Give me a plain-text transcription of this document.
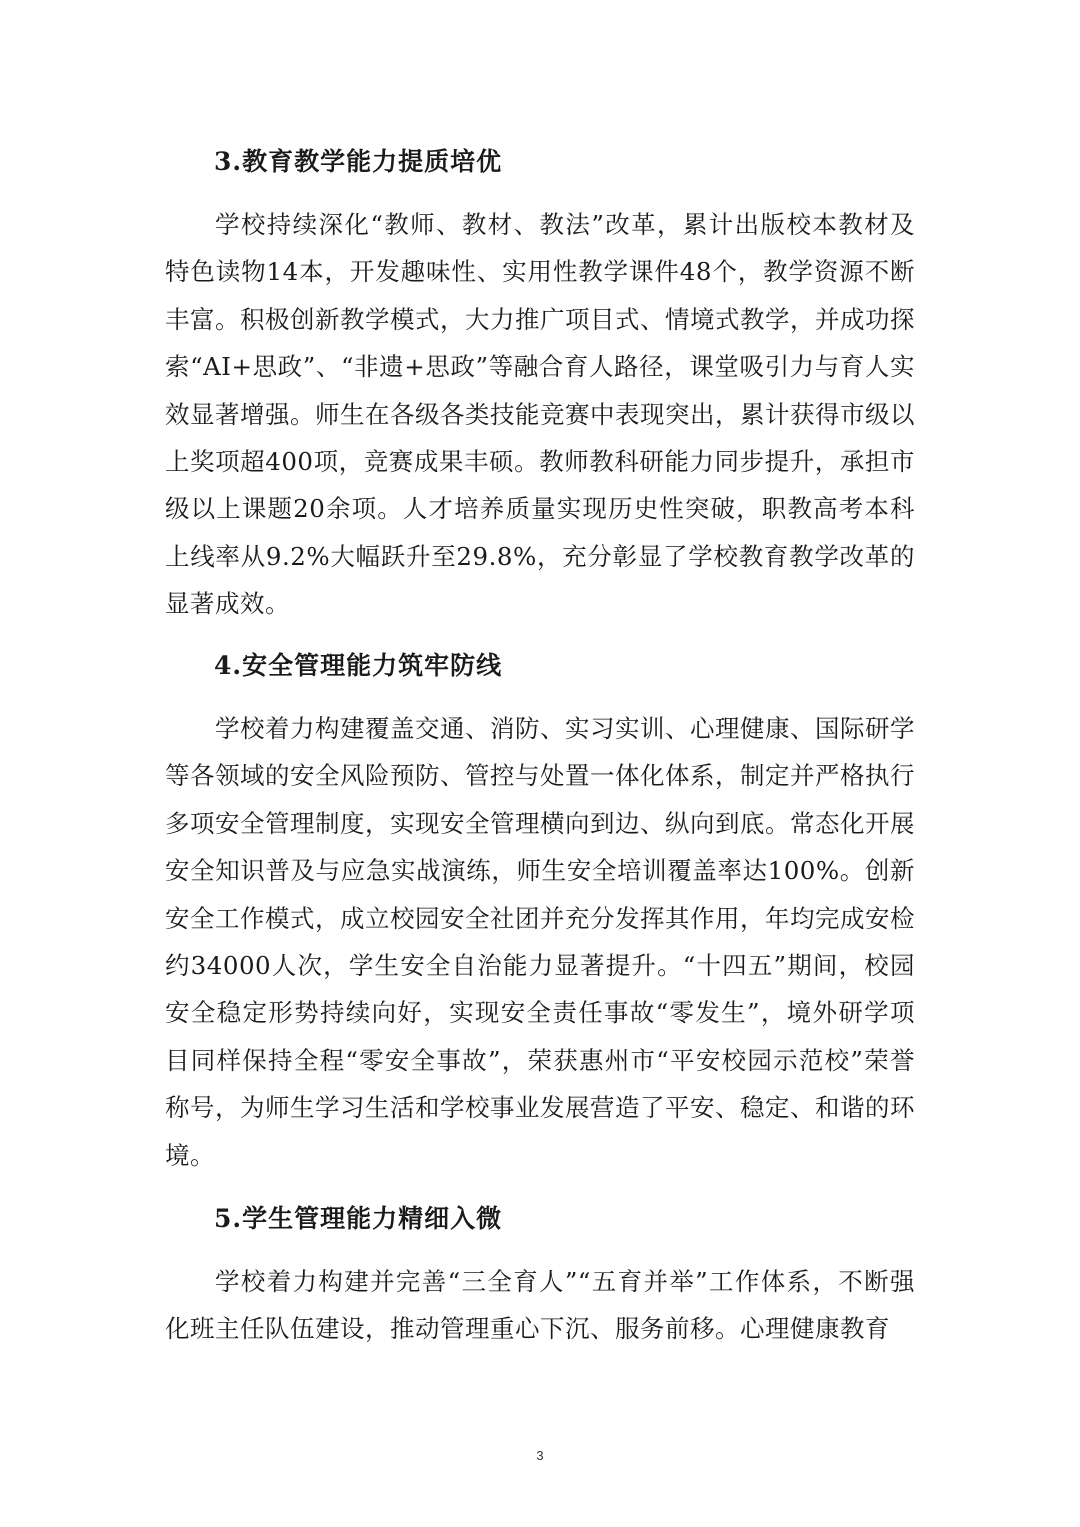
3.教育教学能力提质培优
学校持续深化“教师、教材、教法”改革，累计出版校本教材及特色读物14本，开发趣味性、实用性教学课件48个，教学资源不断丰富。积极创新教学模式，大力推广项目式、情境式教学，并成功探索“AI+思政”、“非遗+思政”等融合育人路径，课堂吸引力与育人实效显著增强。师生在各级各类技能竞赛中表现突出，累计获得市级以上奖项超400项，竞赛成果丰硕。教师教科研能力同步提升，承担市级以上课题20余项。人才培养质量实现历史性突破，职教高考本科上线率从9.2%大幅跃升至29.8%，充分彰显了学校教育教学改革的显著成效。
4.安全管理能力筑牢防线
学校着力构建覆盖交通、消防、实习实训、心理健康、国际研学等各领域的安全风险预防、管控与处置一体化体系，制定并严格执行多项安全管理制度，实现安全管理横向到边、纵向到底。常态化开展安全知识普及与应急实战演练，师生安全培训覆盖率达100%。创新安全工作模式，成立校园安全社团并充分发挥其作用，年均完成安检约34000人次，学生安全自治能力显著提升。“十四五”期间，校园安全稳定形势持续向好，实现安全责任事故“零发生”，境外研学项目同样保持全程“零安全事故”，荣获惠州市“平安校园示范校”荣誉称号，为师生学习生活和学校事业发展营造了平安、稳定、和谐的环境。
5.学生管理能力精细入微
学校着力构建并完善“三全育人”“五育并举”工作体系，不断强化班主任队伍建设，推动管理重心下沉、服务前移。心理健康教育
3
